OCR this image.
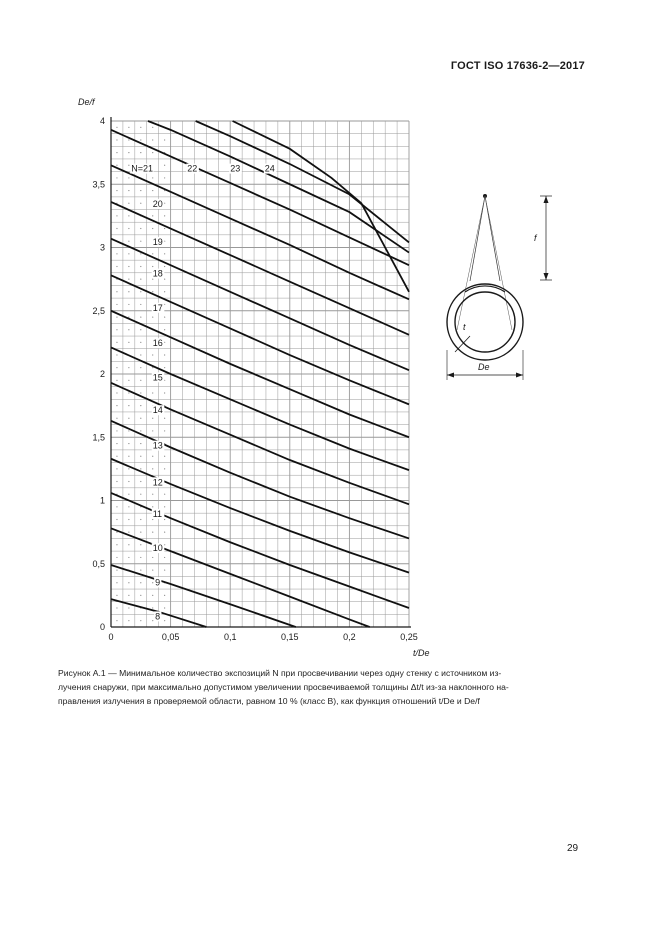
ГОСТ ISO 17636-2—2017
8
9
10
11
12
13
14
15
16
17
18
19
20
N=21	22	23	24
0	0,05	0,1	0,15	0,2	0,25
0
0,5
1
1,5
2
2,5
3
3,5
4
De/f
t/De
t
f
De
Рисунок А.1 — Минимальное количество экспозиций N при просвечивании через одну стенку с источником из-
лучения снаружи, при максимально допустимом увеличении просвечиваемой толщины Δt/t из-за наклонного на-
правления излучения в проверяемой области, равном 10 % (класс B), как функция отношений t/De и De/f
29
